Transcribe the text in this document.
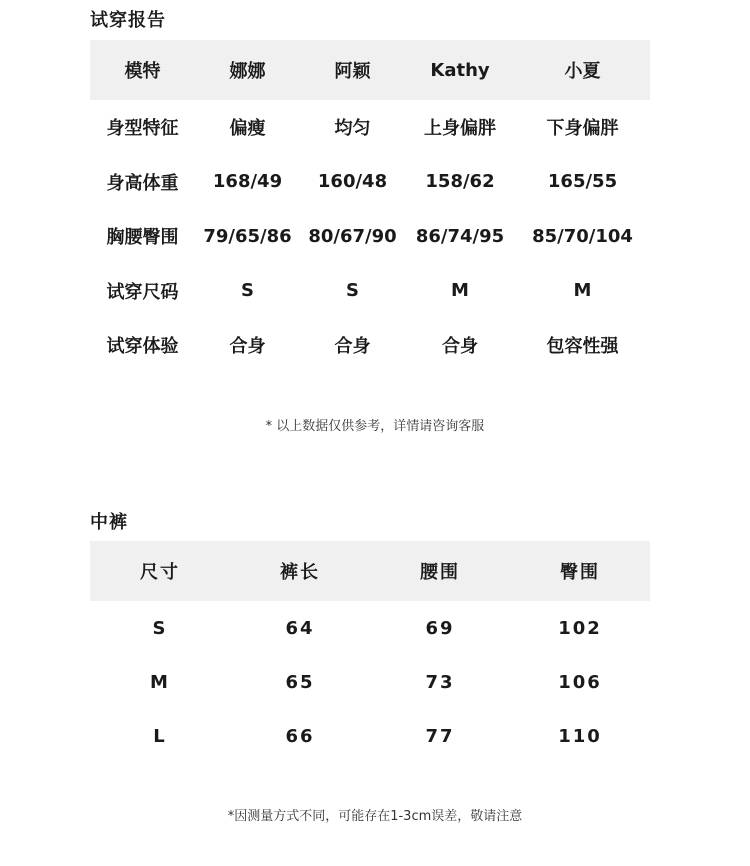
试穿报告
模特	娜娜	阿颖	Kathy	小夏
身型特征	偏瘦	均匀	上身偏胖	下身偏胖
身高体重	168/49	160/48	158/62	165/55
胸腰臀围	79/65/86	80/67/90	86/74/95	85/70/104
试穿尺码	S	S	M	M
试穿体验	合身	合身	合身	包容性强
* 以上数据仅供参考，详情请咨询客服
中裤
尺寸	裤长	腰围	臀围
S	64	69	102
M	65	73	106
L	66	77	110
*因测量方式不同，可能存在1-3cm误差，敬请注意
